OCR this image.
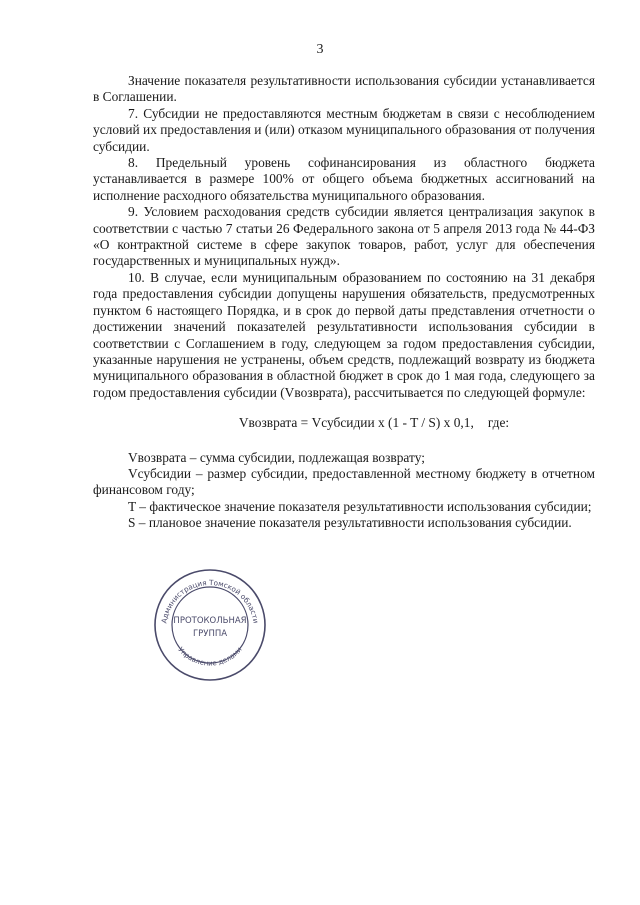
3

Значение показателя результативности использования субсидии устанавливается в Соглашении.

7. Субсидии не предоставляются местным бюджетам в связи с несоблюдением условий их предоставления и (или) отказом муниципального образования от получения субсидии.

8. Предельный уровень софинансирования из областного бюджета устанавливается в размере 100% от общего объема бюджетных ассигнований на исполнение расходного обязательства муниципального образования.

9. Условием расходования средств субсидии является централизация закупок в соответствии с частью 7 статьи 26 Федерального закона от 5 апреля 2013 года № 44-ФЗ «О контрактной системе в сфере закупок товаров, работ, услуг для обеспечения государственных и муниципальных нужд».

10. В случае, если муниципальным образованием по состоянию на 31 декабря года предоставления субсидии допущены нарушения обязательств, предусмотренных пунктом 6 настоящего Порядка, и в срок до первой даты представления отчетности о достижении значений показателей результативности использования субсидии в соответствии с Соглашением в году, следующем за годом предоставления субсидии, указанные нарушения не устранены, объем средств, подлежащий возврату из бюджета муниципального образования в областной бюджет в срок до 1 мая года, следующего за годом предоставления субсидии (Vвозврата), рассчитывается по следующей формуле:

Vвозврата = Vсубсидии x (1 - T / S) x 0,1, где:

Vвозврата – сумма субсидии, подлежащая возврату;

Vсубсидии – размер субсидии, предоставленной местному бюджету в отчетном финансовом году;

T – фактическое значение показателя результативности использования субсидии;

S – плановое значение показателя результативности использования субсидии.

Администрация Томской области
Управление делами
ПРОТОКОЛЬНАЯ
ГРУППА
